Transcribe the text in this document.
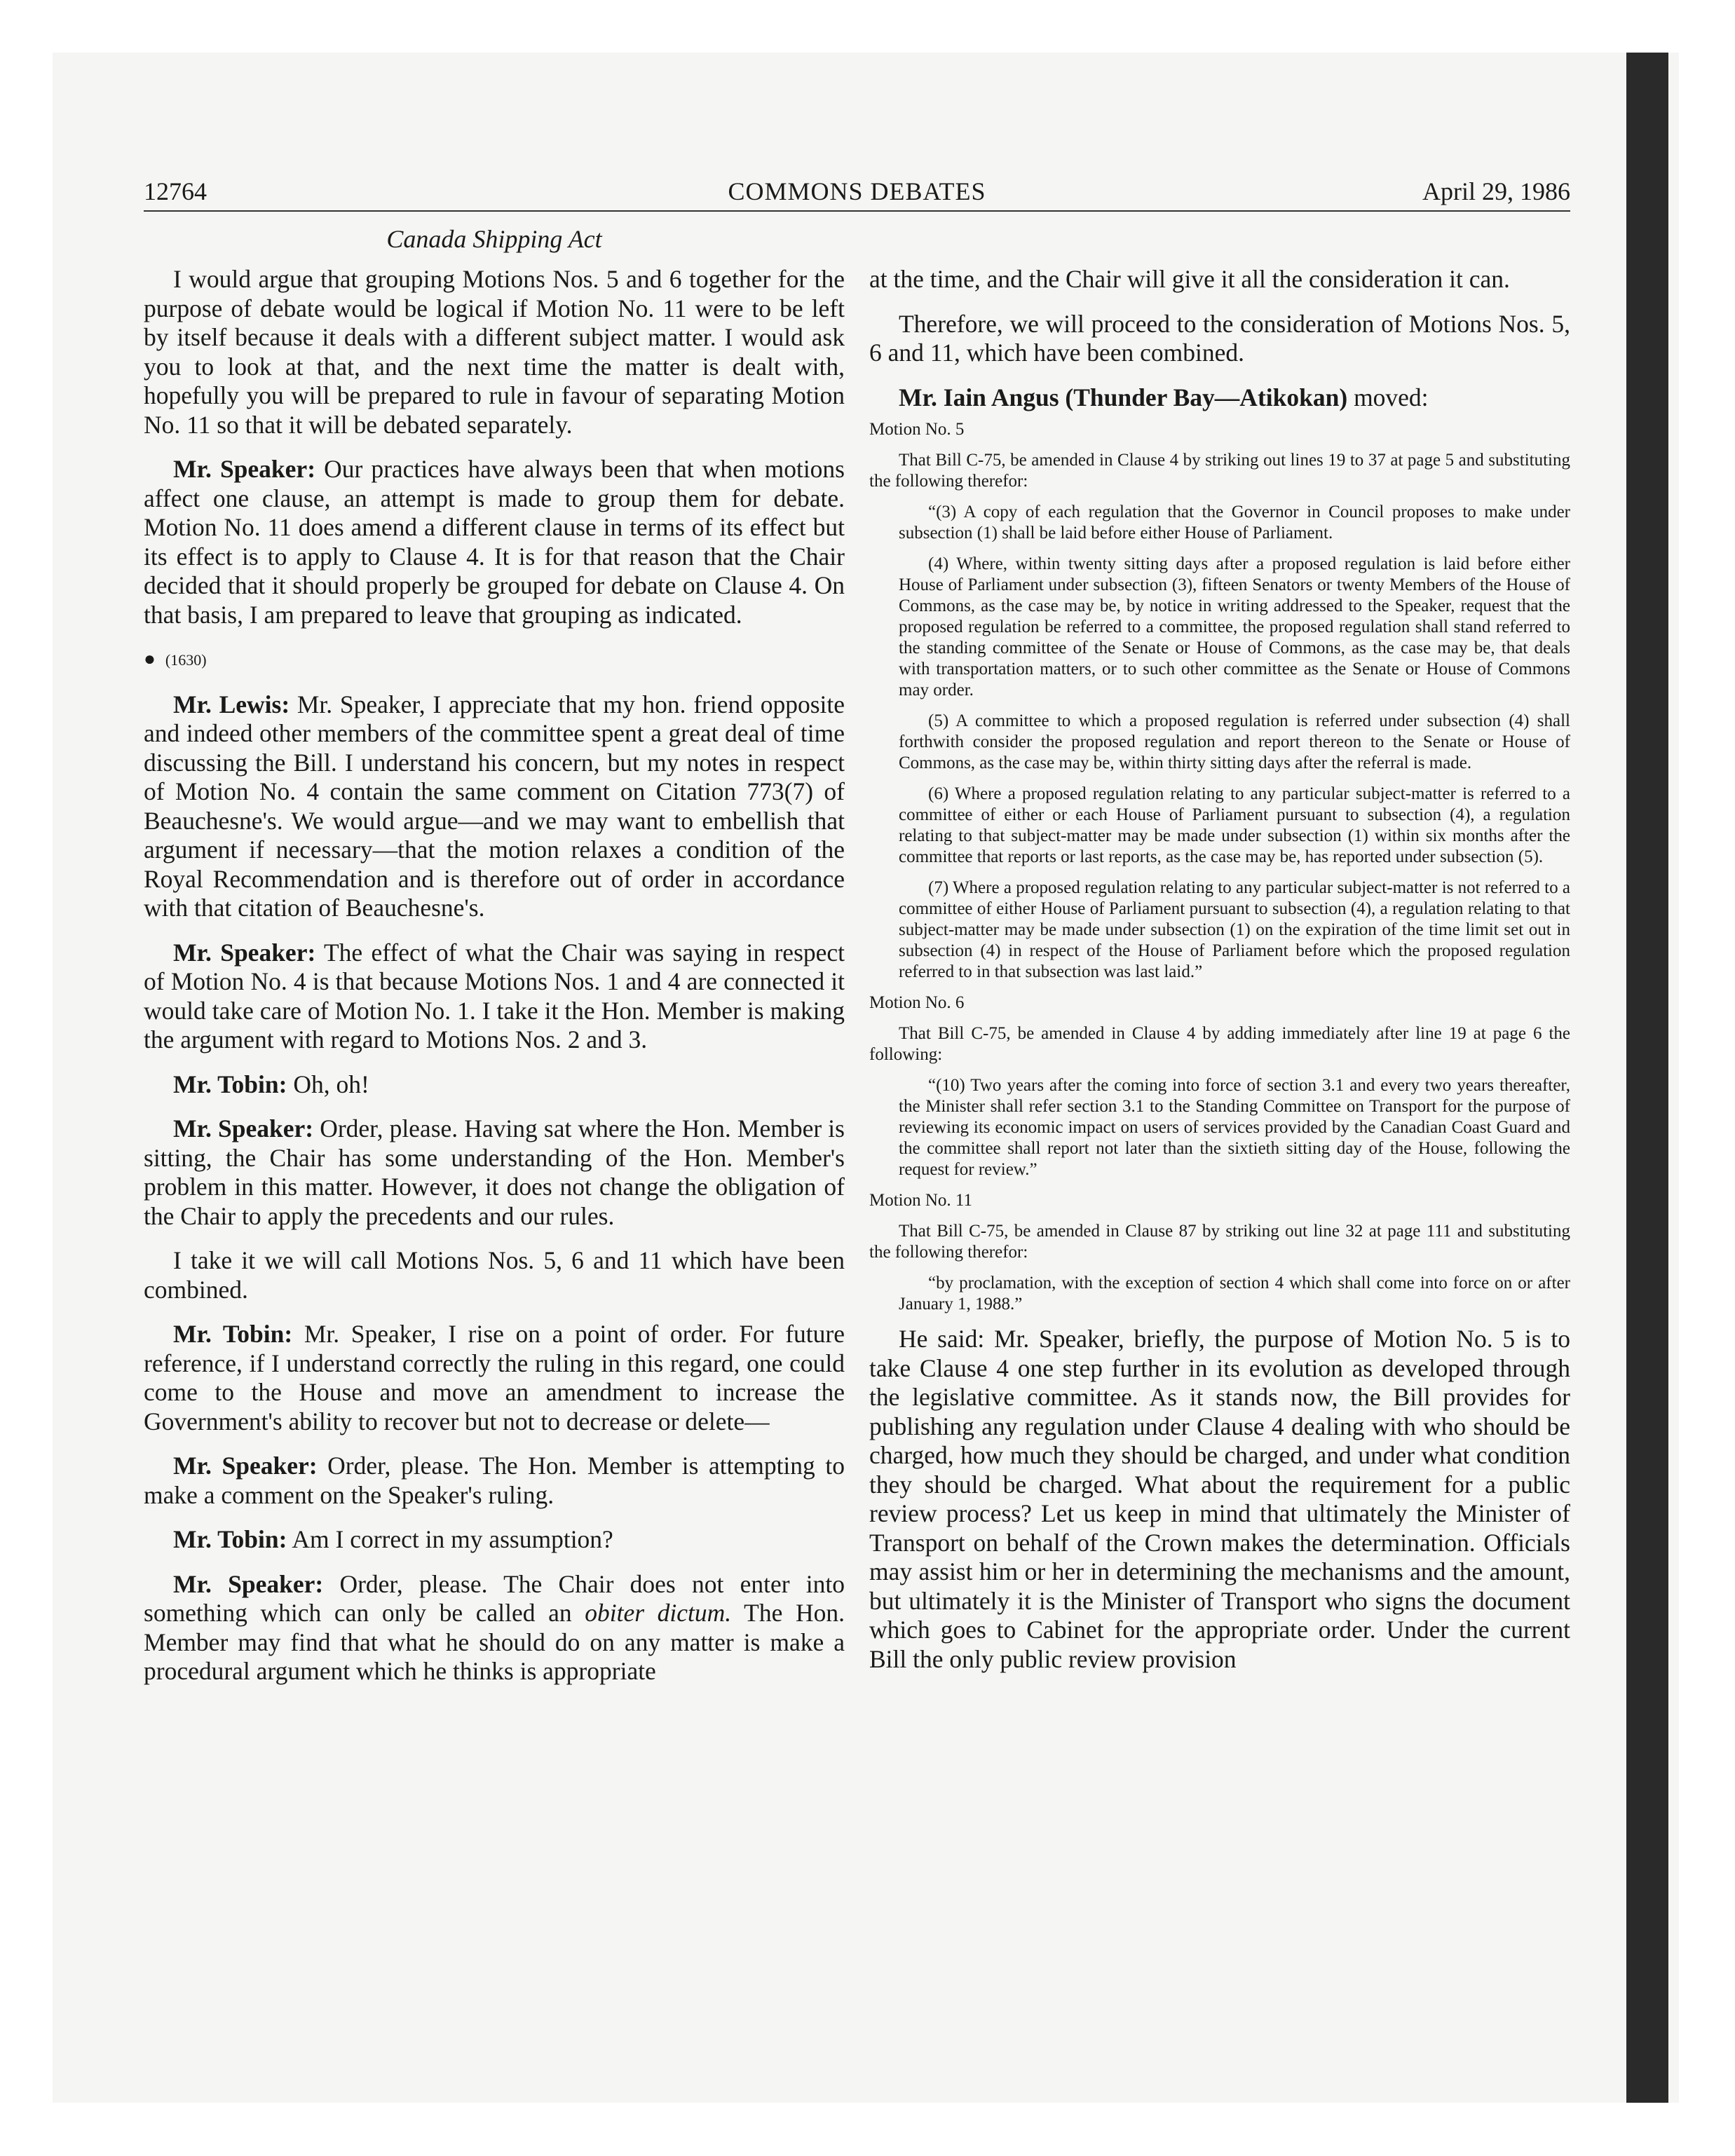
12764	COMMONS DEBATES	April 29, 1986
Canada Shipping Act

I would argue that grouping Motions Nos. 5 and 6 together for the purpose of debate would be logical if Motion No. 11 were to be left by itself because it deals with a different subject matter. I would ask you to look at that, and the next time the matter is dealt with, hopefully you will be prepared to rule in favour of separating Motion No. 11 so that it will be debated separately.

Mr. Speaker: Our practices have always been that when motions affect one clause, an attempt is made to group them for debate. Motion No. 11 does amend a different clause in terms of its effect but its effect is to apply to Clause 4. It is for that reason that the Chair decided that it should properly be grouped for debate on Clause 4. On that basis, I am prepared to leave that grouping as indicated.

● (1630)

Mr. Lewis: Mr. Speaker, I appreciate that my hon. friend opposite and indeed other members of the committee spent a great deal of time discussing the Bill. I understand his concern, but my notes in respect of Motion No. 4 contain the same comment on Citation 773(7) of Beauchesne's. We would argue—and we may want to embellish that argument if necessary—that the motion relaxes a condition of the Royal Recommendation and is therefore out of order in accordance with that citation of Beauchesne's.

Mr. Speaker: The effect of what the Chair was saying in respect of Motion No. 4 is that because Motions Nos. 1 and 4 are connected it would take care of Motion No. 1. I take it the Hon. Member is making the argument with regard to Motions Nos. 2 and 3.

Mr. Tobin: Oh, oh!

Mr. Speaker: Order, please. Having sat where the Hon. Member is sitting, the Chair has some understanding of the Hon. Member's problem in this matter. However, it does not change the obligation of the Chair to apply the precedents and our rules.

I take it we will call Motions Nos. 5, 6 and 11 which have been combined.

Mr. Tobin: Mr. Speaker, I rise on a point of order. For future reference, if I understand correctly the ruling in this regard, one could come to the House and move an amendment to increase the Government's ability to recover but not to decrease or delete—

Mr. Speaker: Order, please. The Hon. Member is attempting to make a comment on the Speaker's ruling.

Mr. Tobin: Am I correct in my assumption?

Mr. Speaker: Order, please. The Chair does not enter into something which can only be called an obiter dictum. The Hon. Member may find that what he should do on any matter is make a procedural argument which he thinks is appropriate

at the time, and the Chair will give it all the consideration it can.

Therefore, we will proceed to the consideration of Motions Nos. 5, 6 and 11, which have been combined.

Mr. Iain Angus (Thunder Bay—Atikokan) moved:

Motion No. 5

That Bill C-75, be amended in Clause 4 by striking out lines 19 to 37 at page 5 and substituting the following therefor:

“(3) A copy of each regulation that the Governor in Council proposes to make under subsection (1) shall be laid before either House of Parliament.

(4) Where, within twenty sitting days after a proposed regulation is laid before either House of Parliament under subsection (3), fifteen Senators or twenty Members of the House of Commons, as the case may be, by notice in writing addressed to the Speaker, request that the proposed regulation be referred to a committee, the proposed regulation shall stand referred to the standing committee of the Senate or House of Commons, as the case may be, that deals with transportation matters, or to such other committee as the Senate or House of Commons may order.

(5) A committee to which a proposed regulation is referred under subsection (4) shall forthwith consider the proposed regulation and report thereon to the Senate or House of Commons, as the case may be, within thirty sitting days after the referral is made.

(6) Where a proposed regulation relating to any particular subject-matter is referred to a committee of either or each House of Parliament pursuant to subsection (4), a regulation relating to that subject-matter may be made under subsection (1) within six months after the committee that reports or last reports, as the case may be, has reported under subsection (5).

(7) Where a proposed regulation relating to any particular subject-matter is not referred to a committee of either House of Parliament pursuant to subsection (4), a regulation relating to that subject-matter may be made under subsection (1) on the expiration of the time limit set out in subsection (4) in respect of the House of Parliament before which the proposed regulation referred to in that subsection was last laid.”

Motion No. 6

That Bill C-75, be amended in Clause 4 by adding immediately after line 19 at page 6 the following:

“(10) Two years after the coming into force of section 3.1 and every two years thereafter, the Minister shall refer section 3.1 to the Standing Committee on Transport for the purpose of reviewing its economic impact on users of services provided by the Canadian Coast Guard and the committee shall report not later than the sixtieth sitting day of the House, following the request for review.”

Motion No. 11

That Bill C-75, be amended in Clause 87 by striking out line 32 at page 111 and substituting the following therefor:

“by proclamation, with the exception of section 4 which shall come into force on or after January 1, 1988.”

He said: Mr. Speaker, briefly, the purpose of Motion No. 5 is to take Clause 4 one step further in its evolution as developed through the legislative committee. As it stands now, the Bill provides for publishing any regulation under Clause 4 dealing with who should be charged, how much they should be charged, and under what condition they should be charged. What about the requirement for a public review process? Let us keep in mind that ultimately the Minister of Transport on behalf of the Crown makes the determination. Officials may assist him or her in determining the mechanisms and the amount, but ultimately it is the Minister of Transport who signs the document which goes to Cabinet for the appropriate order. Under the current Bill the only public review provision
